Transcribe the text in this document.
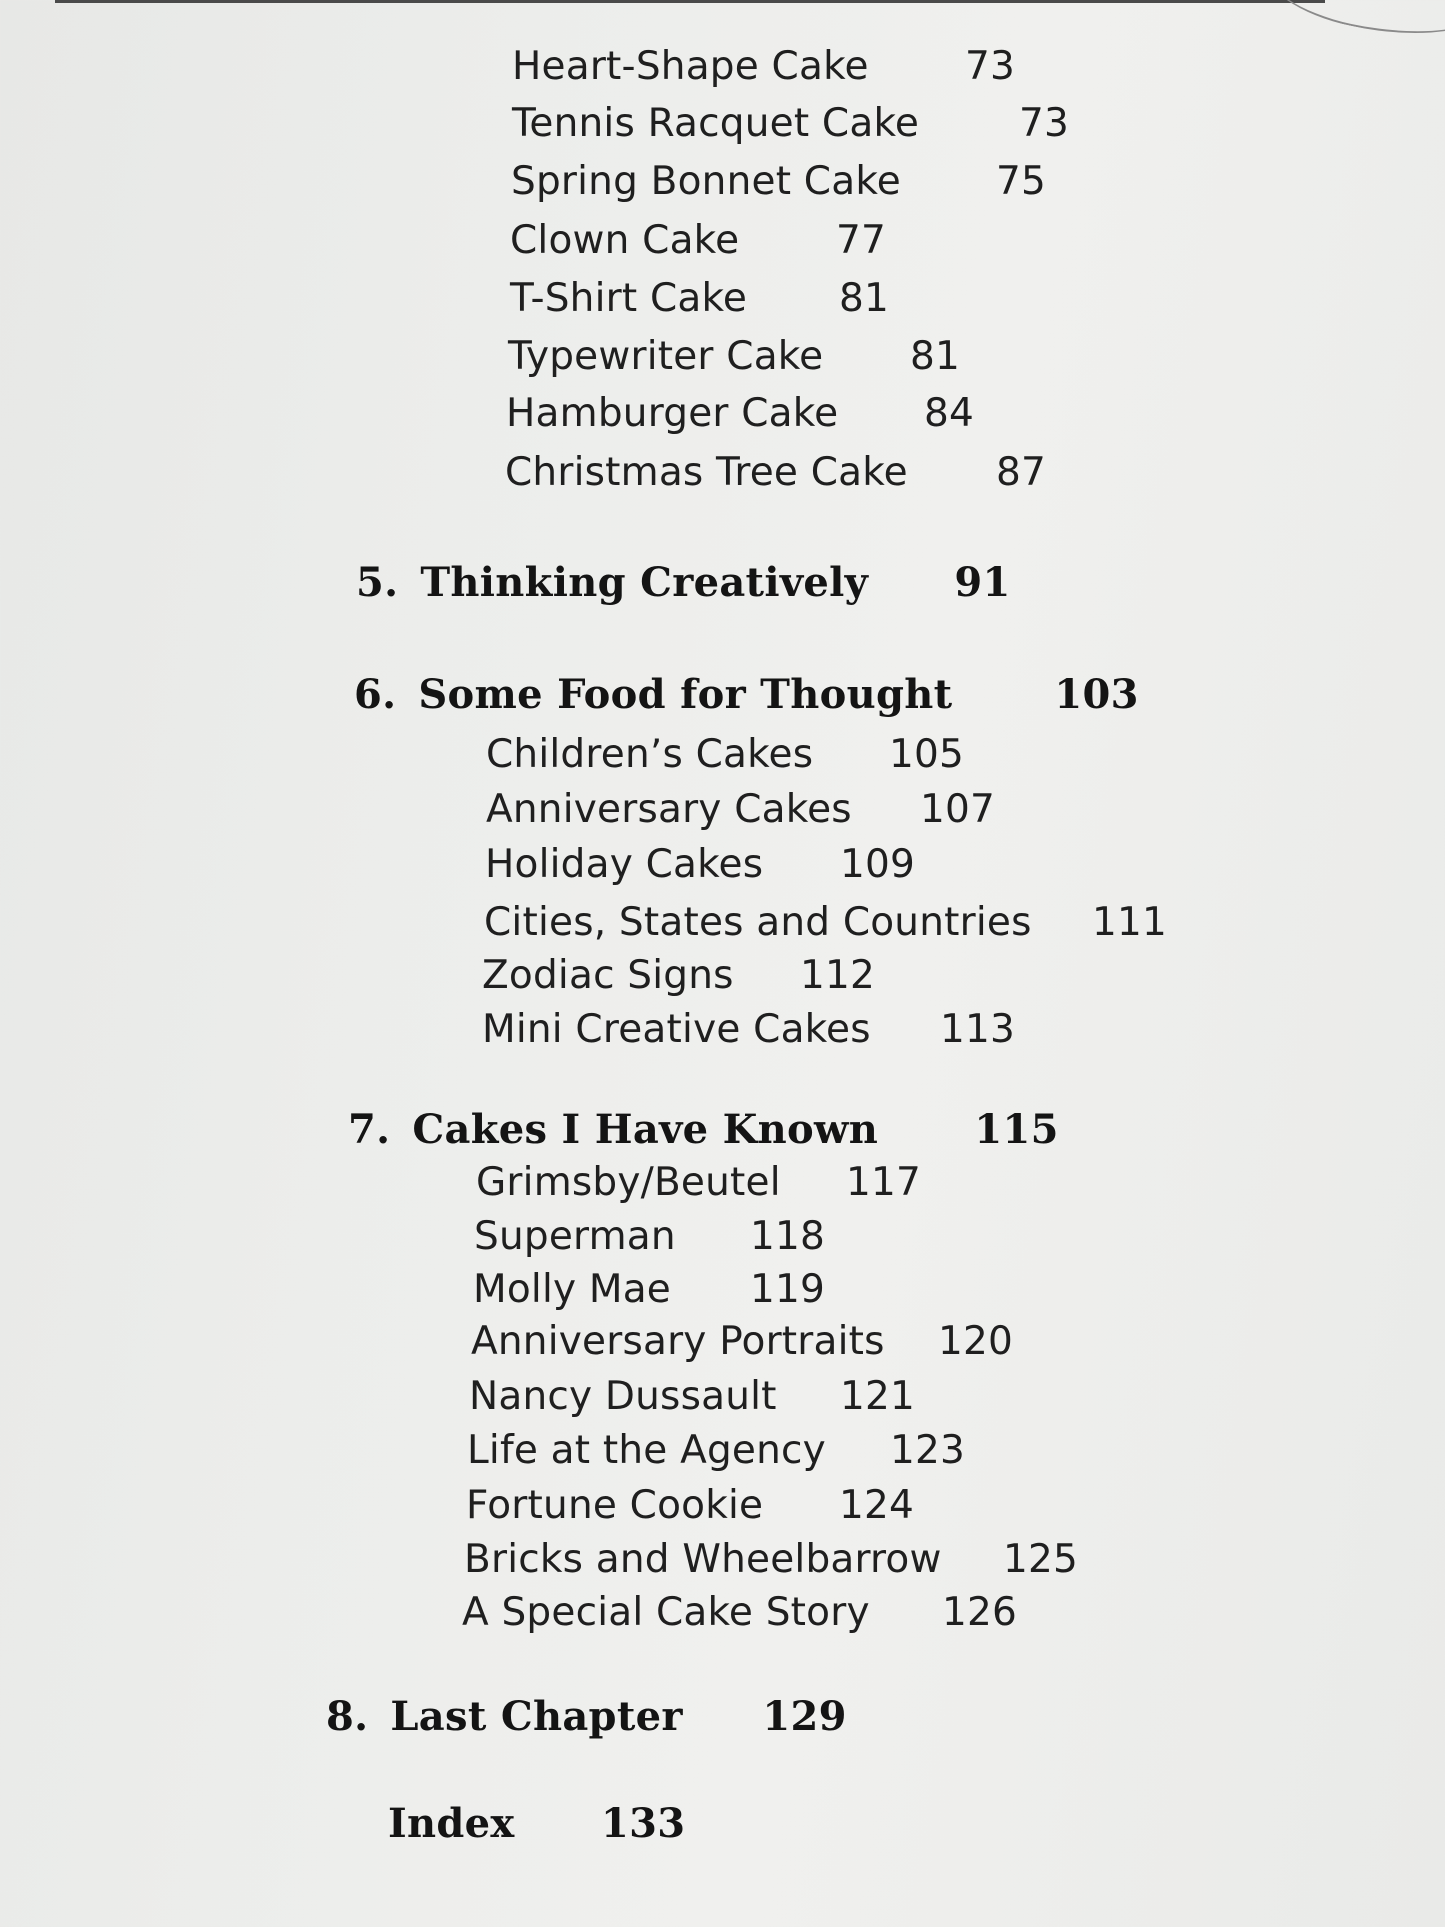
Heart-Shape Cake 73

Tennis Racquet Cake	73

Spring Bonnet Cake 75

Clown Cake 77

T-Shirt Cake 81

Typewriter Cake 81

Hamburger Cake 84

Christmas Tree Cake 87

5. Thinking Creatively 91

6. Some Food for Thought	103

Children’s Cakes 105

Anniversary Cakes 107

Holiday Cakes 109

Cities, States and Countries 111

Zodiac Signs 112

Mini Creative Cakes 113

7. Cakes I Have Known 115

Grimsby/Beutel 117

Superman 118

Molly Mae 119

Anniversary Portraits 120

Nancy Dussault 121

Life at the Agency 123

Fortune Cookie 124

Bricks and Wheelbarrow 125

A Special Cake Story 126

8. Last Chapter 129

Index 133
